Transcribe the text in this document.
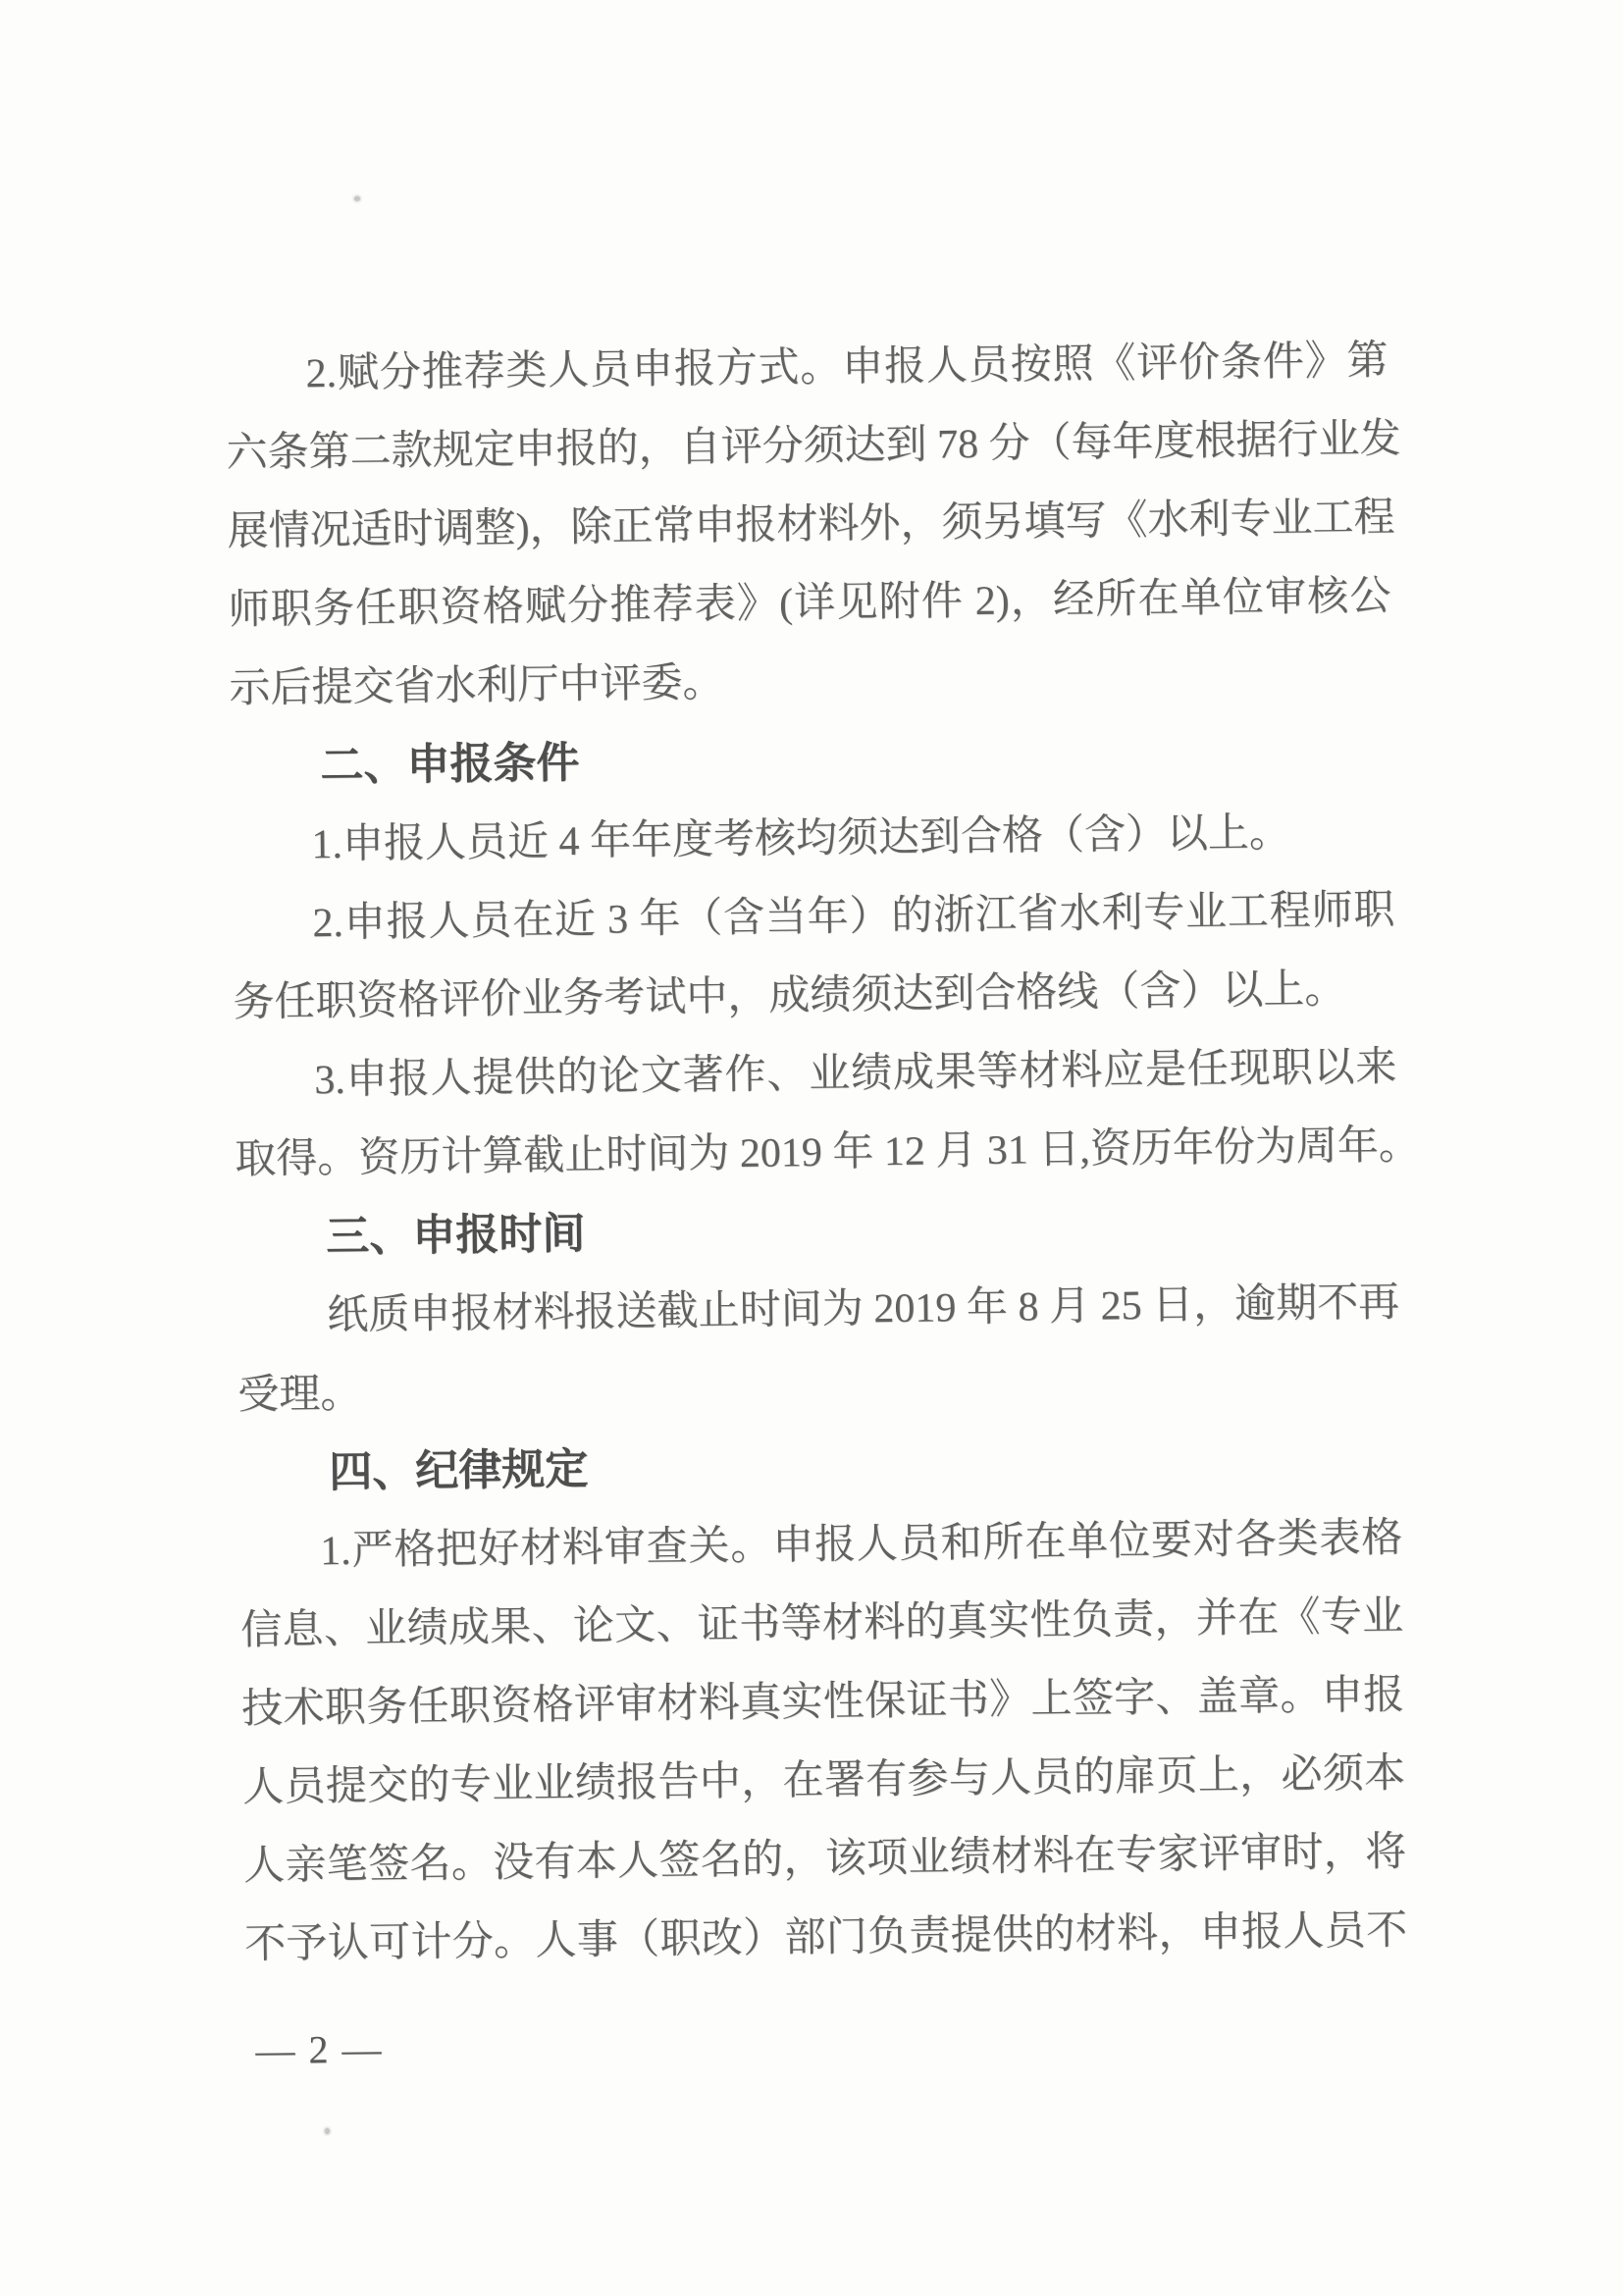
2.赋分推荐类人员申报方式。申报人员按照《评价条件》第
六条第二款规定申报的，自评分须达到 78 分（每年度根据行业发
展情况适时调整)，除正常申报材料外，须另填写《水利专业工程
师职务任职资格赋分推荐表》(详见附件 2)，经所在单位审核公
示后提交省水利厅中评委。
二、申报条件
1.申报人员近 4 年年度考核均须达到合格（含）以上。
2.申报人员在近 3 年（含当年）的浙江省水利专业工程师职
务任职资格评价业务考试中，成绩须达到合格线（含）以上。
3.申报人提供的论文著作、业绩成果等材料应是任现职以来
取得。资历计算截止时间为 2019 年 12 月 31 日,资历年份为周年。
三、申报时间
纸质申报材料报送截止时间为 2019 年 8 月 25 日，逾期不再
受理。
四、纪律规定
1.严格把好材料审查关。申报人员和所在单位要对各类表格
信息、业绩成果、论文、证书等材料的真实性负责，并在《专业
技术职务任职资格评审材料真实性保证书》上签字、盖章。申报
人员提交的专业业绩报告中，在署有参与人员的扉页上，必须本
人亲笔签名。没有本人签名的，该项业绩材料在专家评审时，将
不予认可计分。人事（职改）部门负责提供的材料，申报人员不
— 2 —
